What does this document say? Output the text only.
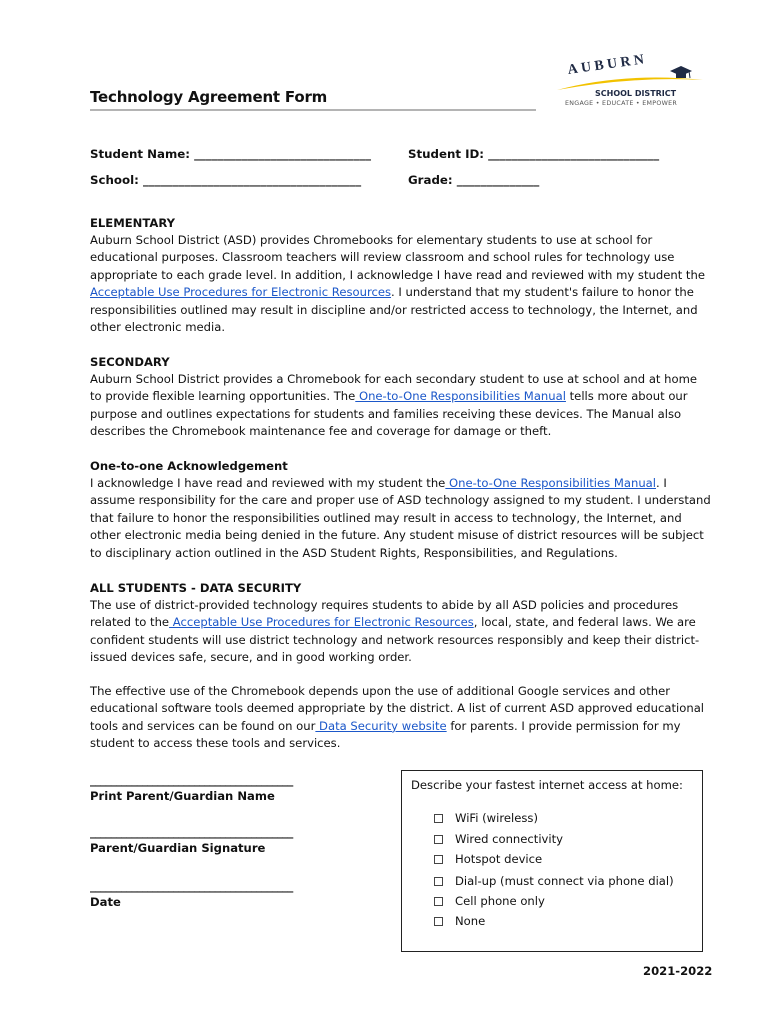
Technology Agreement Form
AUBURN
SCHOOL DISTRICT
ENGAGE • EDUCATE • EMPOWER
Student Name: ______________________________	Student ID: _____________________________
School: _____________________________________	Grade: ______________
ELEMENTARY
Auburn School District (ASD) provides Chromebooks for elementary students to use at school for educational purposes. Classroom teachers will review classroom and school rules for technology use appropriate to each grade level. In addition, I acknowledge I have read and reviewed with my student the Acceptable Use Procedures for Electronic Resources. I understand that my student's failure to honor the responsibilities outlined may result in discipline and/or restricted access to technology, the Internet, and other electronic media.
SECONDARY
Auburn School District provides a Chromebook for each secondary student to use at school and at home to provide flexible learning opportunities. The One-to-One Responsibilities Manual tells more about our purpose and outlines expectations for students and families receiving these devices. The Manual also describes the Chromebook maintenance fee and coverage for damage or theft.
One-to-one Acknowledgement
I acknowledge I have read and reviewed with my student the One-to-One Responsibilities Manual. I assume responsibility for the care and proper use of ASD technology assigned to my student. I understand that failure to honor the responsibilities outlined may result in access to technology, the Internet, and other electronic media being denied in the future. Any student misuse of district resources will be subject to disciplinary action outlined in the ASD Student Rights, Responsibilities, and Regulations.
ALL STUDENTS - DATA SECURITY
The use of district-provided technology requires students to abide by all ASD policies and procedures related to the Acceptable Use Procedures for Electronic Resources, local, state, and federal laws. We are confident students will use district technology and network resources responsibly and keep their district-issued devices safe, secure, and in good working order.
The effective use of the Chromebook depends upon the use of additional Google services and other educational software tools deemed appropriate by the district. A list of current ASD approved educational tools and services can be found on our Data Security website for parents. I provide permission for my student to access these tools and services.
_______________________________________
Print Parent/Guardian Name
_______________________________________
Parent/Guardian Signature
_______________________________________
Date
Describe your fastest internet access at home:
WiFi (wireless)
Wired connectivity
Hotspot device
Dial-up (must connect via phone dial)
Cell phone only
None
2021-2022
